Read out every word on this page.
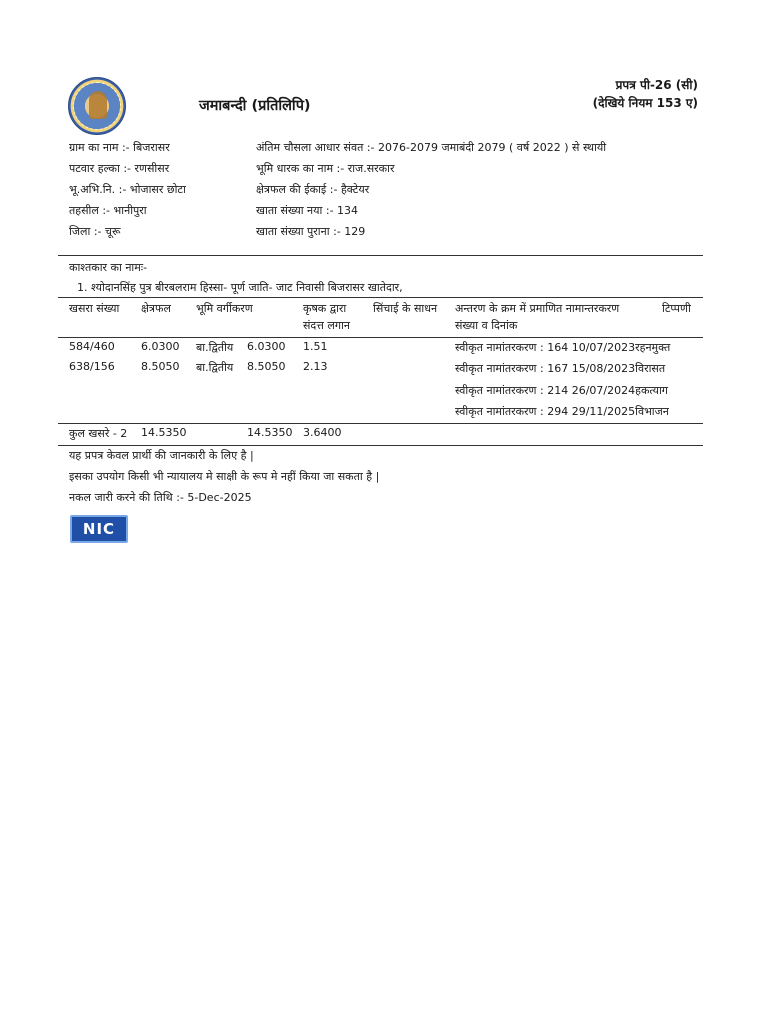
जमाबन्दी (प्रतिलिपि)
प्रपत्र पी-26 (सी)
(देखिये नियम 153 ए)
ग्राम का नाम :- बिजरासर
पटवार हल्का :- रणसीसर
भू.अभि.नि. :- भोजासर छोटा
तहसील :- भानीपुरा
जिला :- चूरू
अंतिम चौसला आधार संवत :- 2076-2079 जमाबंदी 2079 ( वर्ष 2022 ) से स्थायी
भूमि धारक का नाम :- राज.सरकार
क्षेत्रफल की ईकाई :- हैक्टेयर
खाता संख्या नया :- 134
खाता संख्या पुराना :- 129
काश्तकार का नामः-
1. श्योदानसिंह पुत्र बीरबलराम हिस्सा- पूर्ण जाति- जाट निवासी बिजरासर खातेदार,
खसरा संख्या क्षेत्रफल भूमि वर्गीकरण	कृषक द्वारा
संदत्त लगान
सिंचाई के साधन अन्तरण के क्रम में प्रमाणित नामान्तरकरण
संख्या व दिनांक
टिप्पणी
584/460 6.0300 बा.द्वितीय 6.0300 1.51
638/156 8.5050 बा.द्वितीय 8.5050 2.13
स्वीकृत नामांतरकरण : 164 10/07/2023रहनमुक्त
स्वीकृत नामांतरकरण : 167 15/08/2023विरासत
स्वीकृत नामांतरकरण : 214 26/07/2024हकत्याग
स्वीकृत नामांतरकरण : 294 29/11/2025विभाजन
कुल खसरे - 2 14.5350	14.5350 3.6400
यह प्रपत्र केवल प्रार्थी की जानकारी के लिए है |
इसका उपयोग किसी भी न्यायालय मे साक्षी के रूप मे नहीं किया जा सकता है |
नकल जारी करने की तिथि :- 5-Dec-2025
NIC
